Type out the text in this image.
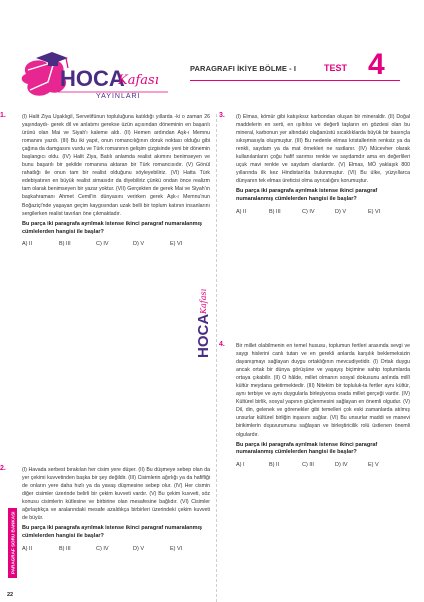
HOCA
Kafası
YAYINLARI
PARAGRAFI İKİYE BÖLME - I	TEST 4
1.	(I) Halit Ziya Uşaklıgil, Servetifünun topluluğuna katıldığı yıllarda -ki o zaman 26 yaşındaydı- gerek dil ve anlatımı gerekse üzün açısından döneminin en başarılı ürünü olan Mai ve Siyah'ı kaleme aldı. (II) Hemen ardından Aşk-ı Memnu romanını yazdı. (III) Bu iki yapıt, onun romancılığının doruk noktası olduğu gibi çağına da damgasını vurdu ve Türk romanının gelişim çizgisinde yeni bir dönemin başlangıcı oldu. (IV) Halit Ziya, Batılı anlamda realist akımını benimseyen ve bunu başarılı bir şekilde romanına aktaran bir Türk romancısıdır. (V) Gönül rahatlığı ile onun tam bir realist olduğunu söyleyebiliriz. (VI) Hatta Türk edebiyatının en büyük realist simasıdır da diyebiliriz çünkü ondan önce realizm tam olarak benimseyen bir yazar yoktur. (VII) Gerçekten de gerek Mai ve Siyah'ın başkahramanı Ahmet Cemil'in dünyasını verirken gerek Aşk-ı Memnu'nun Boğaziçi'nde yaşayan geçim kaygısından uzak belli bir toplum katının insanlarını sergilerken realist tavırları öne çıkmaktadır.
Bu parça iki paragrafa ayrılmak istense ikinci paragraf numaralanmış cümlelerden hangisi ile başlar?
A) II	B) III	C) IV	D) V	E) VI
2.	(I) Havada serbest bırakılan her cisim yere düşer. (II) Bu düşmeye sebep olan da yer çekimi kuvvetinden başka bir şey değildir. (III) Cisimlerin ağırlığı ya da hafifliği de onların yere daha hızlı ya da yavaş düşmesine sebep olur. (IV) Her cismin diğer cisimler üzerinde belirli bir çekim kuvveti vardır. (V) Bu çekim kuvveti, söz konusu cisimlerin kütlesine ve birbirine olan mesafesine bağlıdır. (VI) Cisimler ağırlaştıkça ve aralarındaki mesafe azaldıkça birbirleri üzerindeki çekim kuvveti de büyür.
Bu parça iki paragrafa ayrılmak istense ikinci paragraf numaralanmış cümlelerden hangisi ile başlar?
A) II	B) III	C) IV	D) V	E) VI
3. (I) Elmas, kömür gibi katışıksız karbondan oluşan bir mineraldir. (II) Doğal maddelerin en serti, en ışıltılısı ve değerli taşların en gözdesi olan bu mineral, karbonun yer altındaki olağanüstü sıcaklıklarda büyük bir basınçla sıkışmasıyla oluşmuştur. (III) Bu nedenle elmas kristallerinin renksiz ya da renkli, saydam ya da mat örnekleri ne rastlanır. (IV) Mücevher olarak kullanılanların çoğu hafif sarımsı renkte ve saydamdır ama en değerlileri uçuk mavi renkte ve saydam olanlardır. (V) Elmas, MÖ yaklaşık 800 yıllarında ilk kez Hindistan'da bulunmuştur. (VI) Bu ülke, yüzyıllarca dünyanın tek elmas üreticisi olma ayrıcalığını korumuştur.
Bu parça iki paragrafa ayrılmak istense ikinci paragraf numaralanmış cümlelerden hangisi ile başlar?
A) II	B) III	C) IV	D) V	E) VI
4. Bir millet olabilmenin en temel hususu, toplumun fertleri arasında sevgi ve saygı hislerini canlı tutan ve en gerekli anlarda karşılık beklemeksizin dayanışmayı sağlayan duygu ortaklığının mevcudiyetidir. (I) Ortak duygu ancak ortak bir dünya görüşüne ve yaşayış biçimine sahip toplumlarda ortaya çıkabilir. (II) O hâlde, millet olmanın sosyal dokusunu anlında millî kültür meydana getirmektedir. (III) Nitekim bir topluluk-ta fertler aynı kültür, aynı terbiye ve aynı duygularla birleşiyorsa orada millet gerçeği vardır. (IV) Kültürel birlik, sosyal yapının güçlenmesini sağlayan en önemli olgudur. (V) Dil, din, gelenek ve görenekler gibi temelleri çok eski zamanlarda atılmış unsurlar kültürel birliğin inşasını sağlar. (VI) Bu unsurlar maddi ve manevi birikimlerin dışavurumunu sağlayan ve birleştiricilik rolü üstlenen önemli olgulardır.
Bu parça iki paragrafa ayrılmak istense ikinci paragraf numaralanmış cümlelerden hangisi ile başlar?
A) I	B) II	C) III	D) IV	E) V
HOCA
Kafası
PARAGRAF SORU BANKASI
22
